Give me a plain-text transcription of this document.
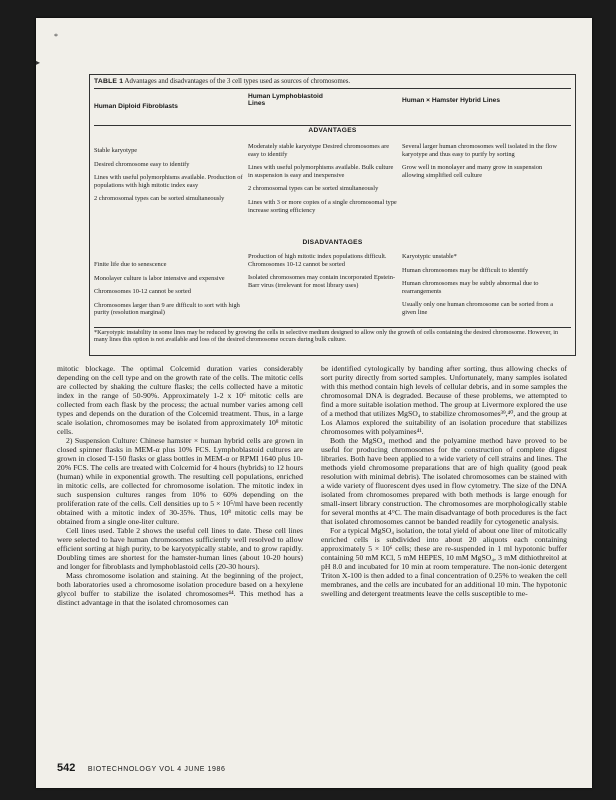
*
▸
TABLE 1 Advantages and disadvantages of the 3 cell types used as sources of chromosomes.
Human Diploid Fibroblasts
Human Lymphoblastoid Lines	Human × Hamster Hybrid Lines
ADVANTAGES

Stable karyotype

Desired chromosome easy to identify

Lines with useful polymorphisms available. Production of populations with high mitotic index easy

2 chromosomal types can be sorted simultaneously

Moderately stable karyotype Desired chromosomes are easy to identify

Lines with useful polymorphisms available. Bulk culture in suspension is easy and inexpensive

2 chromosomal types can be sorted simultaneously

Lines with 3 or more copies of a single chromosomal type increase sorting efficiency

Several larger human chromosomes well isolated in the flow karyotype and thus easy to purify by sorting

Grow well in monolayer and many grow in suspension allowing simplified cell culture

DISADVANTAGES

Finite life due to senescence

Monolayer culture is labor intensive and expensive

Chromosomes 10-12 cannot be sorted

Chromosomes larger than 9 are difficult to sort with high purity (resolution marginal)

Production of high mitotic index populations difficult. Chromosomes 10-12 cannot be sorted

Isolated chromosomes may contain incorporated Epstein-Barr virus (irrelevant for most library uses)

Karyotypic unstable*

Human chromosomes may be difficult to identify

Human chromosomes may be subtly abnormal due to rearrangements

Usually only one human chromosome can be sorted from a given line

*Karyotypic instability in some lines may be reduced by growing the cells in selective medium designed to allow only the growth of cells containing the desired chromosome. However, in many lines this option is not available and loss of the desired chromosome occurs during bulk culture.

mitotic blockage. The optimal Colcemid duration varies considerably depending on the cell type and on the growth rate of the cells. The mitotic cells are collected by shaking the culture flasks; the cells collected have a mitotic index in the range of 50-90%. Approximately 1-2 x 10⁶ mitotic cells are collected from each flask by the process; the actual number varies among cell types and depends on the duration of the Colcemid treatment. Thus, in a large scale isolation, chromosomes may be isolated from approximately 10⁸ mitotic cells.

2) Suspension Culture: Chinese hamster × human hybrid cells are grown in closed spinner flasks in MEM-α plus 10% FCS. Lymphoblastoid cultures are grown in closed T-150 flasks or glass bottles in MEM-α or RPMI 1640 plus 10-20% FCS. The cells are treated with Colcemid for 4 hours (hybrids) to 12 hours (human) while in exponential growth. The resulting cell populations, enriched in mitotic cells, are collected for chromosome isolation. The mitotic index in such suspension cultures ranges from 10% to 60% depending on the proliferation rate of the cells. Cell densities up to 5 × 10⁵/ml have been recently obtained with a mitotic index of 30-35%. Thus, 10⁸ mitotic cells may be obtained from a single one-liter culture.

Cell lines used. Table 2 shows the useful cell lines to date. These cell lines were selected to have human chromosomes sufficiently well resolved to allow efficient sorting at high purity, to be karyotypically stable, and to grow rapidly. Doubling times are shortest for the hamster-human lines (about 10-20 hours) and longer for fibroblasts and lymphoblastoid cells (20-30 hours).

Mass chromosome isolation and staining. At the beginning of the project, both laboratories used a chromosome isolation procedure based on a hexylene glycol buffer to stabilize the isolated chromosomes⁴⁴. This method has a distinct advantage in that the isolated chromosomes can

be identified cytologically by banding after sorting, thus allowing checks of sort purity directly from sorted samples. Unfortunately, many samples isolated with this method contain high levels of cellular debris, and in some samples the chromosomal DNA is degraded. Because of these problems, we attempted to find a more suitable isolation method. The group at Livermore explored the use of a method that utilizes MgSO₄ to stabilize chromosomes³⁹,⁴⁰, and the group at Los Alamos explored the suitability of an isolation procedure that stabilizes chromosomes with polyamines⁴¹.

Both the MgSO₄ method and the polyamine method have proved to be useful for producing chromosomes for the construction of complete digest libraries. Both have been applied to a wide variety of cell strains and lines. The methods yield chromosome preparations that are of high quality (good peak resolution with minimal debris). The isolated chromosomes can be stained with a wide variety of fluorescent dyes used in flow cytometry. The size of the DNA isolated from chromosomes prepared with both methods is large enough for small-insert library construction. The chromosomes are morphologically stable for several months at 4°C. The main disadvantage of both procedures is the fact that isolated chromosomes cannot be banded readily for cytogenetic analysis.

For a typical MgSO₄ isolation, the total yield of about one liter of mitotically enriched cells is subdivided into about 20 aliquots each containing approximately 5 × 10⁶ cells; these are re-suspended in 1 ml hypotonic buffer containing 50 mM KCl, 5 mM HEPES, 10 mM MgSO₄, 3 mM dithiothreitol at pH 8.0 and incubated for 10 min at room temperature. The non-ionic detergent Triton X-100 is then added to a final concentration of 0.25% to weaken the cell membranes, and the cells are incubated for an additional 10 min. The hypotonic swelling and detergent treatments leave the cells susceptible to me-

542 BIOTECHNOLOGY VOL 4 JUNE 1986
